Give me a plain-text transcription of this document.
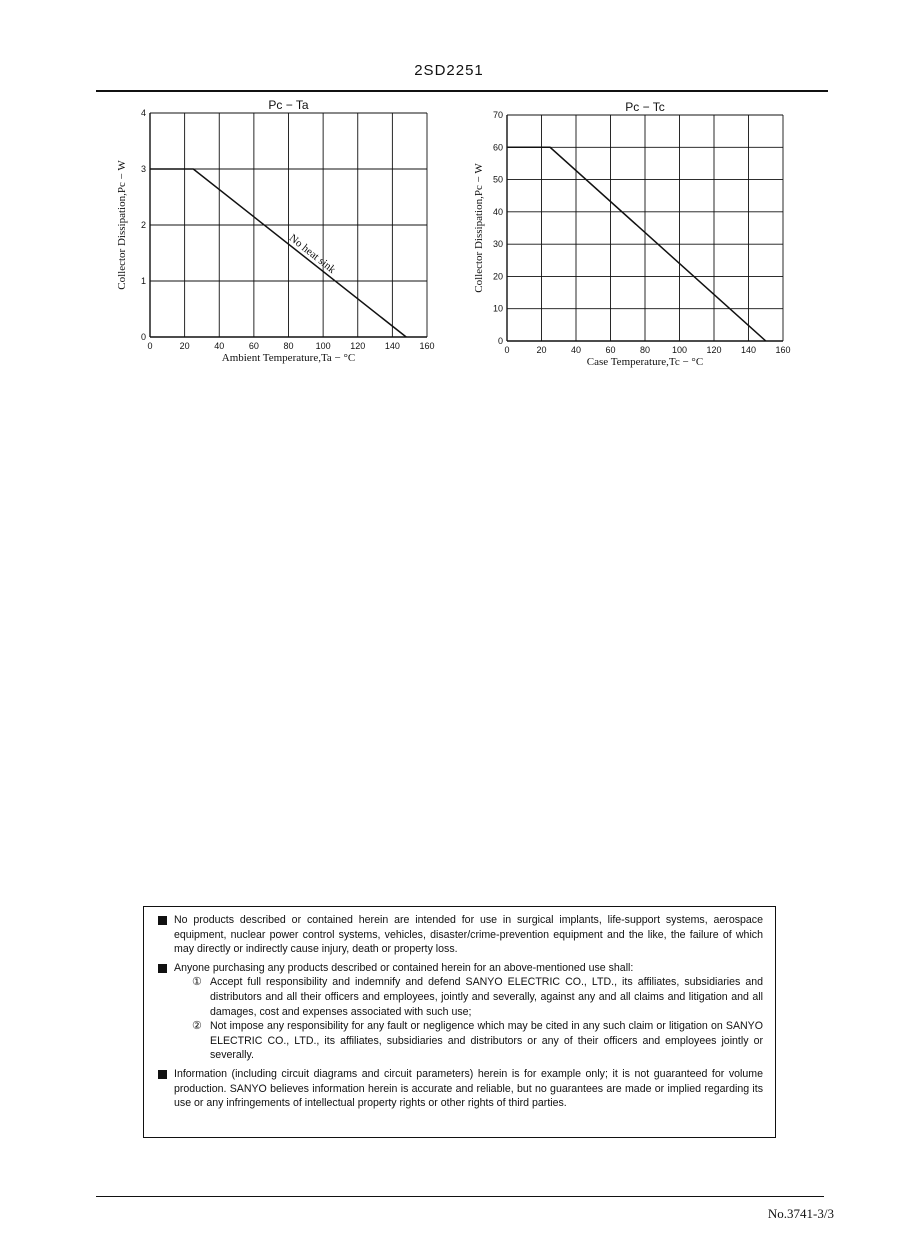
2SD2251
0	20	40	60	80 100 120 140 160
0
1
2
3
4
Pc − Ta
Ambient Temperature,Ta − °C
Collector Dissipation,Pc − W	No heat sink
0	20	40	60	80 100 120 140 160
0
10
20
30
40
50
60
70
Pc − Tc
Case Temperature,Tc − °C
Collector Dissipation,Pc − W
No products described or contained herein are intended for use in surgical implants, life-support systems, aerospace equipment, nuclear power control systems, vehicles, disaster/crime-prevention equipment and the like, the failure of which may directly or indirectly cause injury, death or property loss.
Anyone purchasing any products described or contained herein for an above-mentioned use shall:
① Accept full responsibility and indemnify and defend SANYO ELECTRIC CO., LTD., its affiliates, subsidiaries and distributors and all their officers and employees, jointly and severally, against any and all claims and litigation and all damages, cost and expenses associated with such use;
② Not impose any responsibility for any fault or negligence which may be cited in any such claim or litigation on SANYO ELECTRIC CO., LTD., its affiliates, subsidiaries and distributors or any of their officers and employees jointly or severally.
Information (including circuit diagrams and circuit parameters) herein is for example only; it is not guaranteed for volume production. SANYO believes information herein is accurate and reliable, but no guarantees are made or implied regarding its use or any infringements of intellectual property rights or other rights of third parties.
No.3741-3/3
